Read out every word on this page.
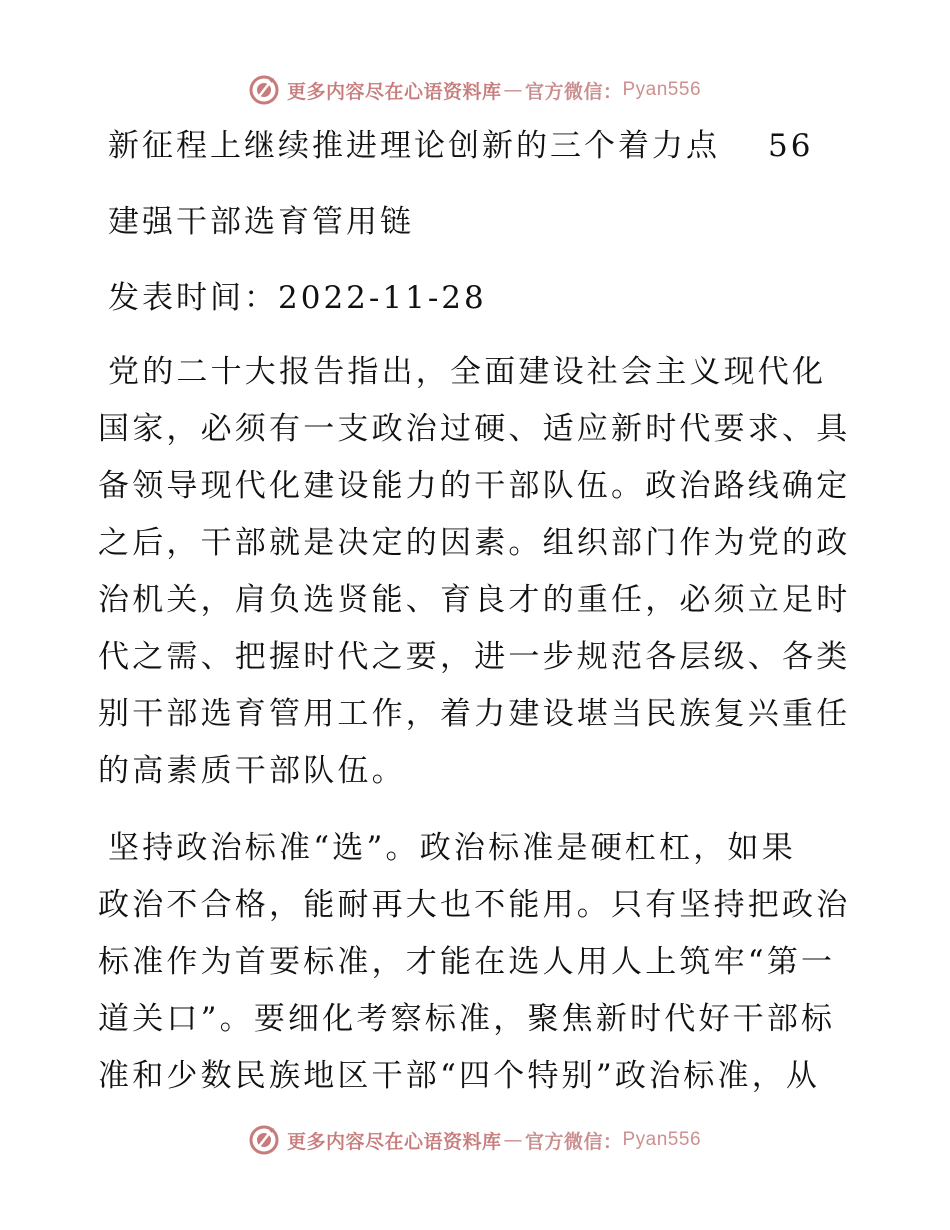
更多内容尽在心语资料库 — 官方微信： Pyan556
新征程上继续推进理论创新的三个着力点 56
建强干部选育管用链
发表时间： 2022-11-28
党的二十大报告指出，全面建设社会主义现代化
国家，必须有一支政治过硬、适应新时代要求、具
备领导现代化建设能力的干部队伍。政治路线确定
之后，干部就是决定的因素。组织部门作为党的政
治机关，肩负选贤能、育良才的重任，必须立足时
代之需、把握时代之要，进一步规范各层级、各类
别干部选育管用工作，着力建设堪当民族复兴重任
的高素质干部队伍。
坚持政治标准“选”。政治标准是硬杠杠，如果
政治不合格，能耐再大也不能用。只有坚持把政治
标准作为首要标准，才能在选人用人上筑牢“第一
道关口”。要细化考察标准，聚焦新时代好干部标
准和少数民族地区干部“四个特别”政治标准，从
更多内容尽在心语资料库 — 官方微信： Pyan556
